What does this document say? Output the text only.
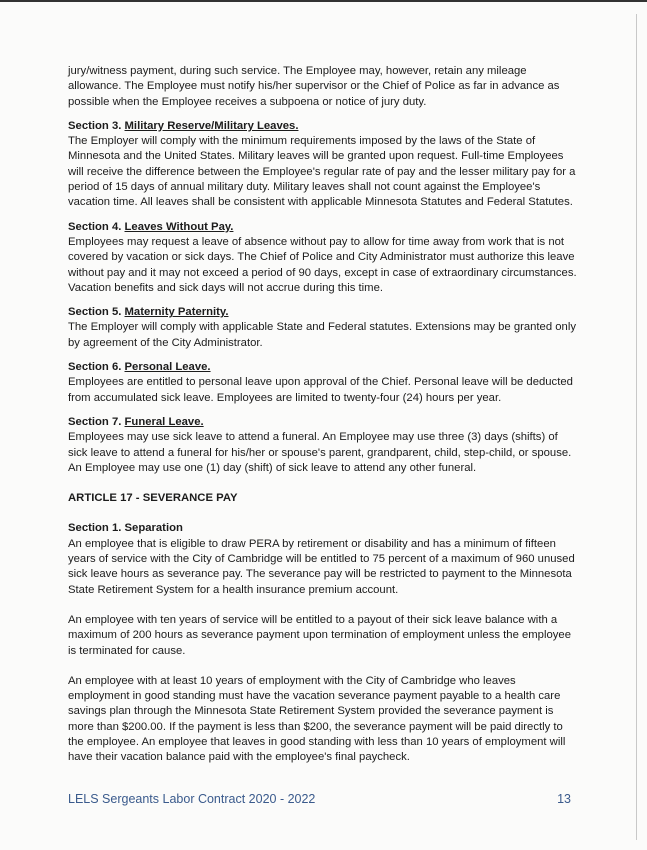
jury/witness payment, during such service. The Employee may, however, retain any mileage allowance. The Employee must notify his/her supervisor or the Chief of Police as far in advance as possible when the Employee receives a subpoena or notice of jury duty.

Section 3. Military Reserve/Military Leaves.

The Employer will comply with the minimum requirements imposed by the laws of the State of Minnesota and the United States. Military leaves will be granted upon request. Full-time Employees will receive the difference between the Employee's regular rate of pay and the lesser military pay for a period of 15 days of annual military duty. Military leaves shall not count against the Employee's vacation time. All leaves shall be consistent with applicable Minnesota Statutes and Federal Statutes.

Section 4. Leaves Without Pay.

Employees may request a leave of absence without pay to allow for time away from work that is not covered by vacation or sick days. The Chief of Police and City Administrator must authorize this leave without pay and it may not exceed a period of 90 days, except in case of extraordinary circumstances. Vacation benefits and sick days will not accrue during this time.

Section 5. Maternity Paternity.

The Employer will comply with applicable State and Federal statutes. Extensions may be granted only by agreement of the City Administrator.

Section 6. Personal Leave.

Employees are entitled to personal leave upon approval of the Chief. Personal leave will be deducted from accumulated sick leave. Employees are limited to twenty-four (24) hours per year.

Section 7. Funeral Leave.

Employees may use sick leave to attend a funeral. An Employee may use three (3) days (shifts) of sick leave to attend a funeral for his/her or spouse's parent, grandparent, child, step-child, or spouse. An Employee may use one (1) day (shift) of sick leave to attend any other funeral.

ARTICLE 17 - SEVERANCE PAY
Section 1. Separation

An employee that is eligible to draw PERA by retirement or disability and has a minimum of fifteen years of service with the City of Cambridge will be entitled to 75 percent of a maximum of 960 unused sick leave hours as severance pay. The severance pay will be restricted to payment to the Minnesota State Retirement System for a health insurance premium account.

An employee with ten years of service will be entitled to a payout of their sick leave balance with a maximum of 200 hours as severance payment upon termination of employment unless the employee is terminated for cause.

An employee with at least 10 years of employment with the City of Cambridge who leaves employment in good standing must have the vacation severance payment payable to a health care savings plan through the Minnesota State Retirement System provided the severance payment is more than $200.00. If the payment is less than $200, the severance payment will be paid directly to the employee. An employee that leaves in good standing with less than 10 years of employment will have their vacation balance paid with the employee's final paycheck.

LELS Sergeants Labor Contract 2020 - 2022	13
